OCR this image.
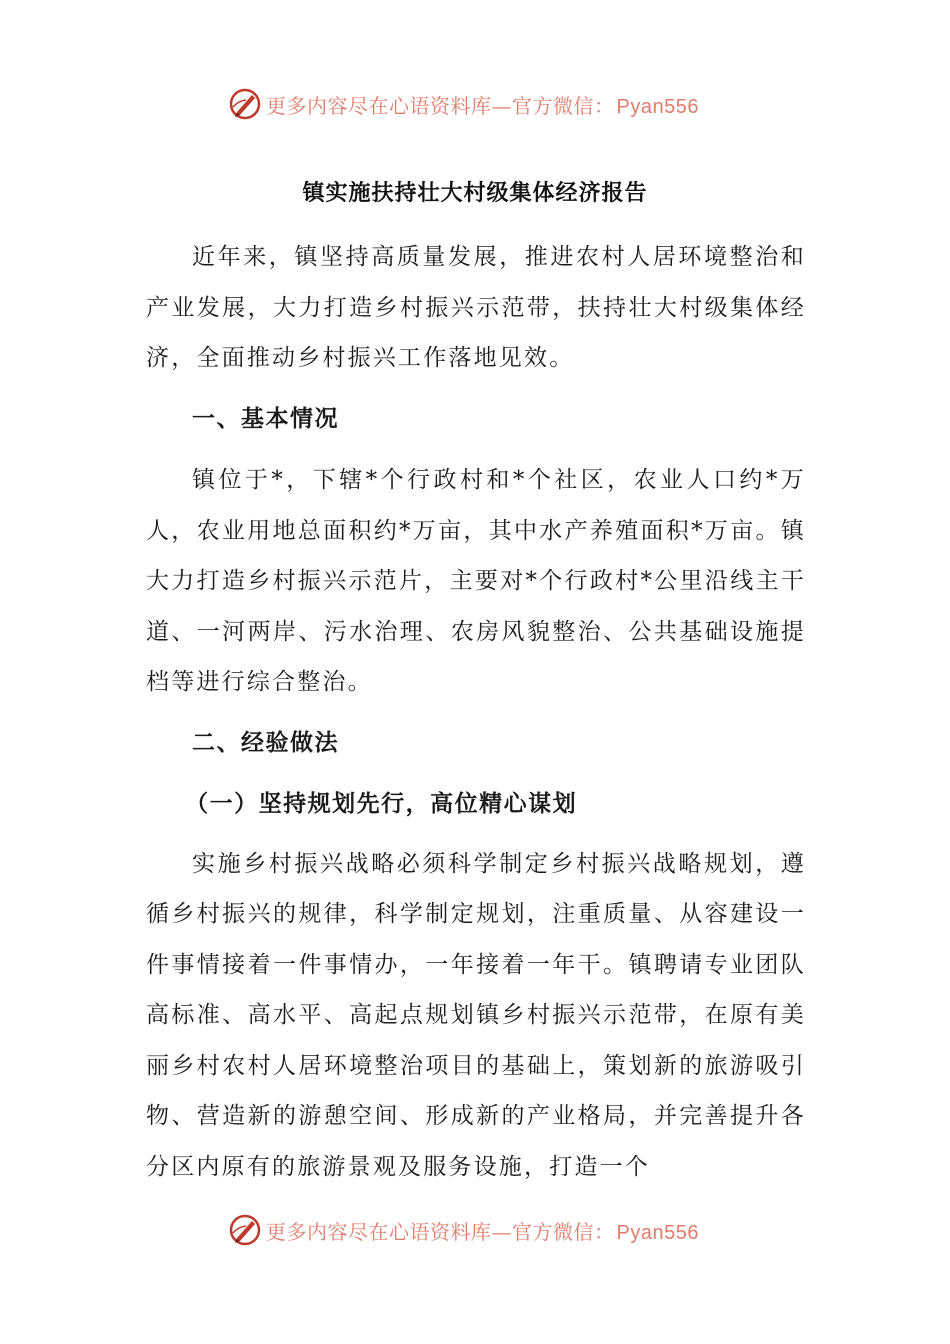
更多内容尽在心语资料库—官方微信： Pyan556
镇实施扶持壮大村级集体经济报告

近年来，镇坚持高质量发展，推进农村人居环境整治和产业发展，大力打造乡村振兴示范带，扶持壮大村级集体经济，全面推动乡村振兴工作落地见效。

一、基本情况

镇位于*，下辖*个行政村和*个社区，农业人口约*万人，农业用地总面积约*万亩，其中水产养殖面积*万亩。镇大力打造乡村振兴示范片，主要对*个行政村*公里沿线主干道、一河两岸、污水治理、农房风貌整治、公共基础设施提档等进行综合整治。

二、经验做法

（一）坚持规划先行，高位精心谋划

实施乡村振兴战略必须科学制定乡村振兴战略规划，遵循乡村振兴的规律，科学制定规划，注重质量、从容建设一件事情接着一件事情办，一年接着一年干。镇聘请专业团队高标准、高水平、高起点规划镇乡村振兴示范带，在原有美丽乡村农村人居环境整治项目的基础上，策划新的旅游吸引物、营造新的游憩空间、形成新的产业格局，并完善提升各分区内原有的旅游景观及服务设施，打造一个

更多内容尽在心语资料库—官方微信： Pyan556
